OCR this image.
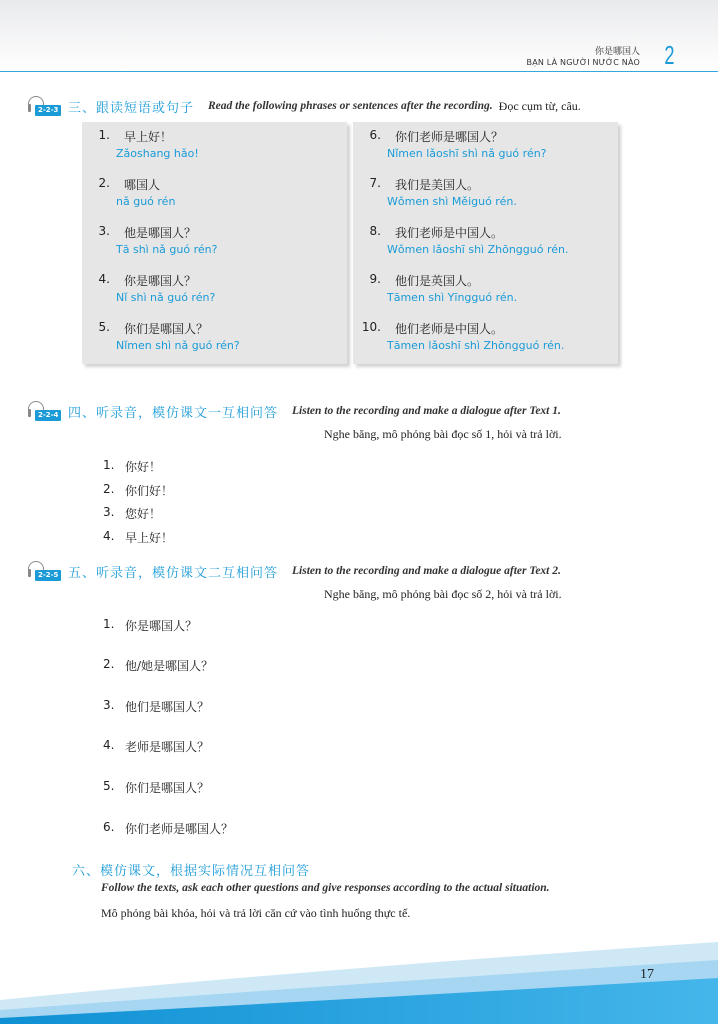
你是哪国人
BẠN LÀ NGƯỜI NƯỚC NÀO 2
2-2-3 三、跟读短语或句子 Read the following phrases or sentences after the recording. Đọc cụm từ, câu.
1. 早上好！
Zǎoshang hǎo!
2. 哪国人
nǎ guó rén
3. 他是哪国人？
Tā shì nǎ guó rén?
4. 你是哪国人？
Nǐ shì nǎ guó rén?
5. 你们是哪国人？
Nǐmen shì nǎ guó rén?
6. 你们老师是哪国人？
Nǐmen lǎoshī shì nǎ guó rén?
7. 我们是美国人。
Wǒmen shì Měiguó rén.
8. 我们老师是中国人。
Wǒmen lǎoshī shì Zhōngguó rén.
9. 他们是英国人。
Tāmen shì Yīngguó rén.
10. 他们老师是中国人。
Tāmen lǎoshī shì Zhōngguó rén.
2-2-4 四、听录音，模仿课文一互相问答 Listen to the recording and make a dialogue after Text 1.
Nghe băng, mô phỏng bài đọc số 1, hỏi và trả lời.
1. 你好！
2. 你们好！
3. 您好！
4. 早上好！
2-2-5 五、听录音，模仿课文二互相问答 Listen to the recording and make a dialogue after Text 2.
Nghe băng, mô phỏng bài đọc số 2, hỏi và trả lời.
1. 你是哪国人？
2. 他/她是哪国人？
3. 他们是哪国人？
4. 老师是哪国人？
5. 你们是哪国人？
6. 你们老师是哪国人？
六、模仿课文，根据实际情况互相问答
Follow the texts, ask each other questions and give responses according to the actual situation.
Mô phỏng bài khóa, hỏi và trả lời căn cứ vào tình huống thực tế.
17
